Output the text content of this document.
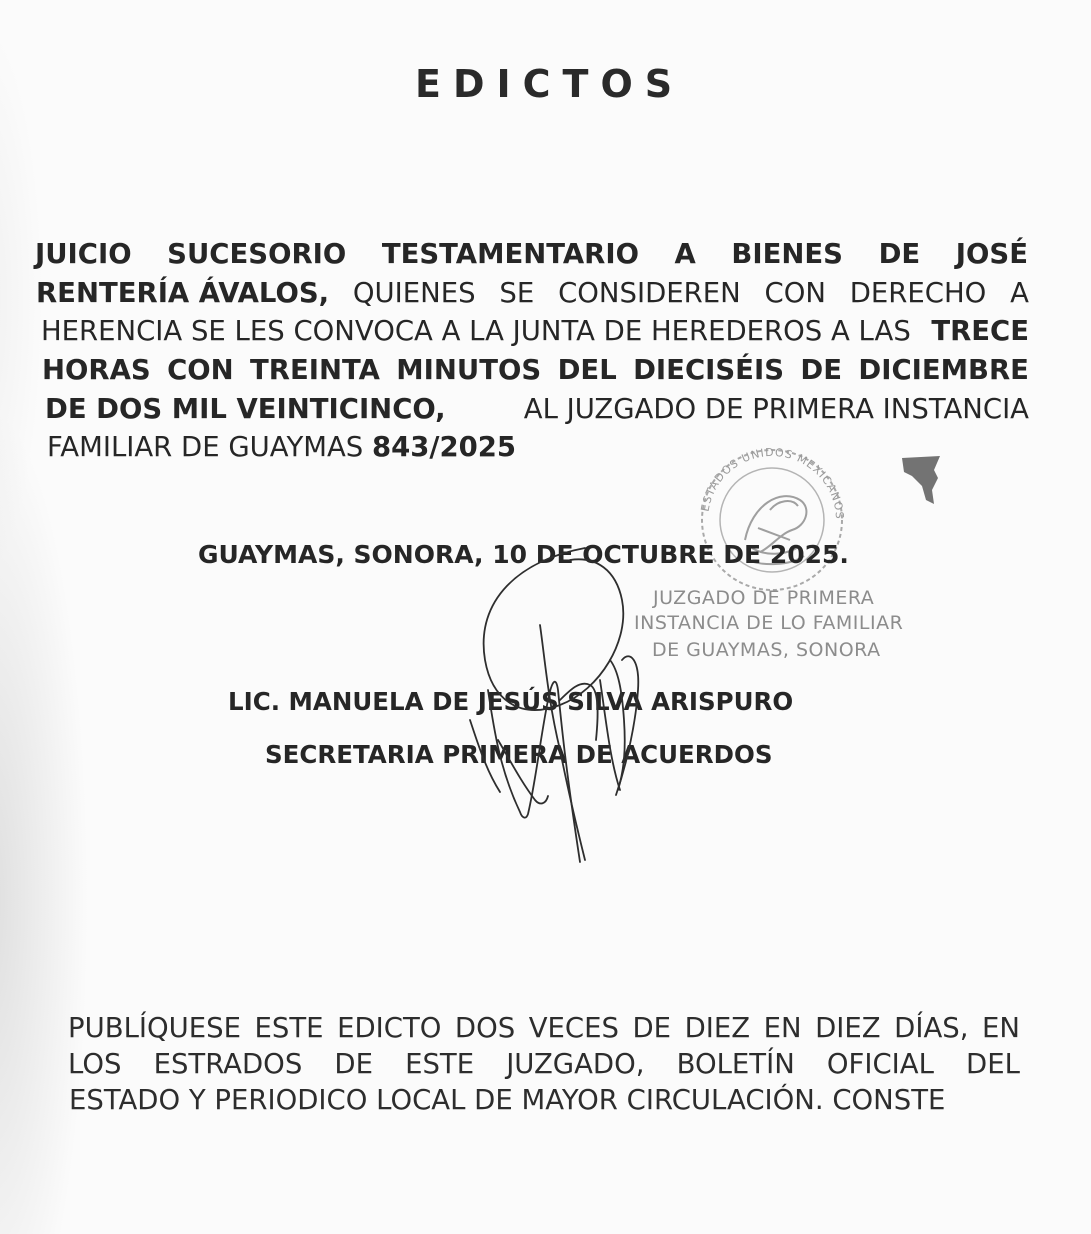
EDICTOS
JUICIO SUCESORIO TESTAMENTARIO A BIENES DE JOSÉ
RENTERÍA ÁVALOS, QUIENES SE CONSIDEREN CON DERECHO A
HERENCIA SE LES CONVOCA A LA JUNTA DE HEREDEROS A LAS TRECE
HORAS CON TREINTA MINUTOS DEL DIECISÉIS DE DICIEMBRE
DE DOS MIL VEINTICINCO,	AL JUZGADO DE PRIMERA INSTANCIA
FAMILIAR DE GUAYMAS 843/2025
ESTADOS UNIDOS MEXICANOS
GUAYMAS, SONORA, 10 DE OCTUBRE DE 2025.
JUZGADO DE PRIMERA
INSTANCIA DE LO FAMILIAR
DE GUAYMAS, SONORA
LIC. MANUELA DE JESÚS SILVA ARISPURO
SECRETARIA PRIMERA DE ACUERDOS
PUBLÍQUESE ESTE EDICTO DOS VECES DE DIEZ EN DIEZ DÍAS, EN
LOS ESTRADOS DE ESTE JUZGADO, BOLETÍN OFICIAL DEL
ESTADO Y PERIODICO LOCAL DE MAYOR CIRCULACIÓN. CONSTE
